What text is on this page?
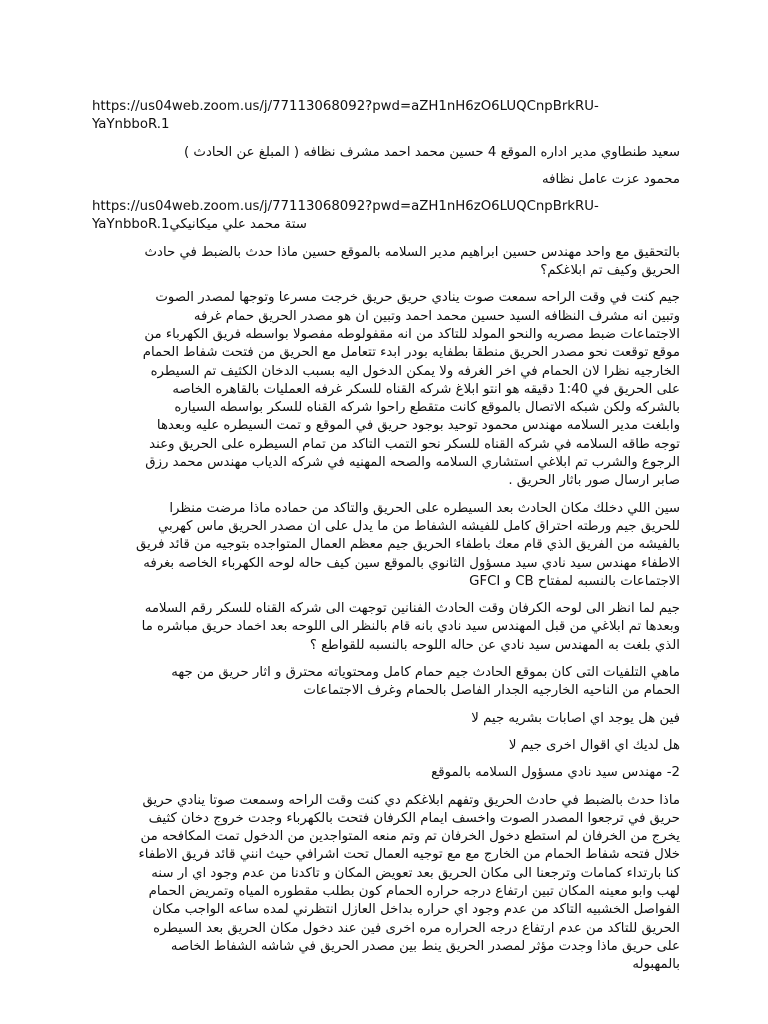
https://us04web.zoom.us/j/77113068092?pwd=aZH1nH6zO6LUQCnpBrkRU-
YaYnbboR.1

سعيد طنطاوي مدير اداره الموقع 4 حسين محمد احمد مشرف نظافه ( المبلغ عن الحادث )

محمود عزت عامل نظافه

https://us04web.zoom.us/j/77113068092?pwd=aZH1nH6zO6LUQCnpBrkRU-
YaYnbboR.1ستة محمد علي ميكانيكي

بالتحقيق مع واحد مهندس حسين ابراهيم مدير السلامه بالموقع حسين ماذا حدث بالضبط في حادث
الحريق وكيف تم ابلاغكم؟

جيم كنت في وقت الراحه سمعت صوت ينادي حريق حريق خرجت مسرعا وتوجها لمصدر الصوت
وتبين انه مشرف النظافه السيد حسين محمد احمد وتبين ان هو مصدر الحريق حمام غرفه
الاجتماعات ضبط مصريه والنحو المولد للتاكد من انه مقفولوطه مفصولا بواسطه فريق الكهرباء من
موقع توقعت نحو مصدر الحريق منطقا بطفايه بودر ابدء تتعامل مع الحريق من فتحت شفاط الحمام
الخارجيه نظرا لان الحمام في اخر الغرفه ولا يمكن الدخول اليه بسبب الدخان الكثيف تم السيطره
على الحريق في 1:40 دقيقه هو انتو ابلاغ شركه القناه للسكر غرفه العمليات بالقاهره الخاصه
بالشركه ولكن شبكه الاتصال بالموقع كانت متقطع راحوا شركه القناه للسكر بواسطه السياره
وابلغت مدير السلامه مهندس محمود توحيد بوجود حريق في الموقع و تمت السيطره عليه وبعدها
توجه طاقه السلامه في شركه القناه للسكر نحو التمب التاكد من تمام السيطره على الحريق وعند
الرجوع والشرب تم ابلاغي استشاري السلامه والصحه المهنيه في شركه الدياب مهندس محمد رزق
صابر ارسال صور باثار الحريق .

سين اللي دخلك مكان الحادث بعد السيطره على الحريق والتاكد من حماده ماذا مرضت منظرا
للحريق جيم ورطته احتراق كامل للفيشه الشفاط من ما يدل على ان مصدر الحريق ماس كهربي
بالفيشه من الفريق الذي قام معك باطفاء الحريق جيم معظم العمال المتواجده بتوجيه من قائد فريق
الاطفاء مهندس سيد نادي سيد مسؤول الثانوي بالموقع سين كيف حاله لوحه الكهرباء الخاصه بغرفه
الاجتماعات بالنسبه لمفتاح CB و GFCI

جيم لما انظر الى لوحه الكرفان وقت الحادث الفنانين توجهت الى شركه القناه للسكر رقم السلامه
وبعدها تم ابلاغي من قبل المهندس سيد نادي بانه قام بالنظر الى اللوحه بعد اخماد حريق مباشره ما
الذي بلغت به المهندس سيد نادي عن حاله اللوحه بالنسبه للقواطع ؟

ماهي التلفيات التى كان بموقع الحادث جيم حمام كامل ومحتوياته محترق و اثار حريق من جهه
الحمام من الناحيه الخارجيه الجدار الفاصل بالحمام وغرف الاجتماعات

فين هل يوجد اي اصابات بشريه جيم لا

هل لديك اي اقوال اخرى جيم لا

2- مهندس سيد نادي مسؤول السلامه بالموقع

ماذا حدث بالضبط في حادث الحريق وتفهم ابلاغكم دي كنت وقت الراحه وسمعت صوتا ينادي حريق
حريق في ترجعوا المصدر الصوت واخسف ايمام الكرفان فتحت بالكهرباء وجدت خروج دخان كثيف
يخرج من الخرفان لم استطع دخول الخرفان تم وتم منعه المتواجدين من الدخول تمت المكافحه من
خلال فتحه شفاط الحمام من الخارج مع مع توجيه العمال تحت اشرافي حيث انني قائد فريق الاطفاء
كنا بارتداء كمامات وترجعنا الى مكان الحريق بعد تعويض المكان و تاكدنا من عدم وجود اي ار سنه
لهب وابو معينه المكان تبين ارتفاع درجه حراره الحمام كون بطلب مقطوره المياه وتمريض الحمام
الفواصل الخشبيه التاكد من عدم وجود اي حراره بداخل العازل انتظرني لمده ساعه الواجب مكان
الحريق للتاكد من عدم ارتفاع درجه الحراره مره اخرى فين عند دخول مكان الحريق بعد السيطره
على حريق ماذا وجدت مؤثر لمصدر الحريق ينط بين مصدر الحريق في شاشه الشفاط الخاصه
بالمهبوله
